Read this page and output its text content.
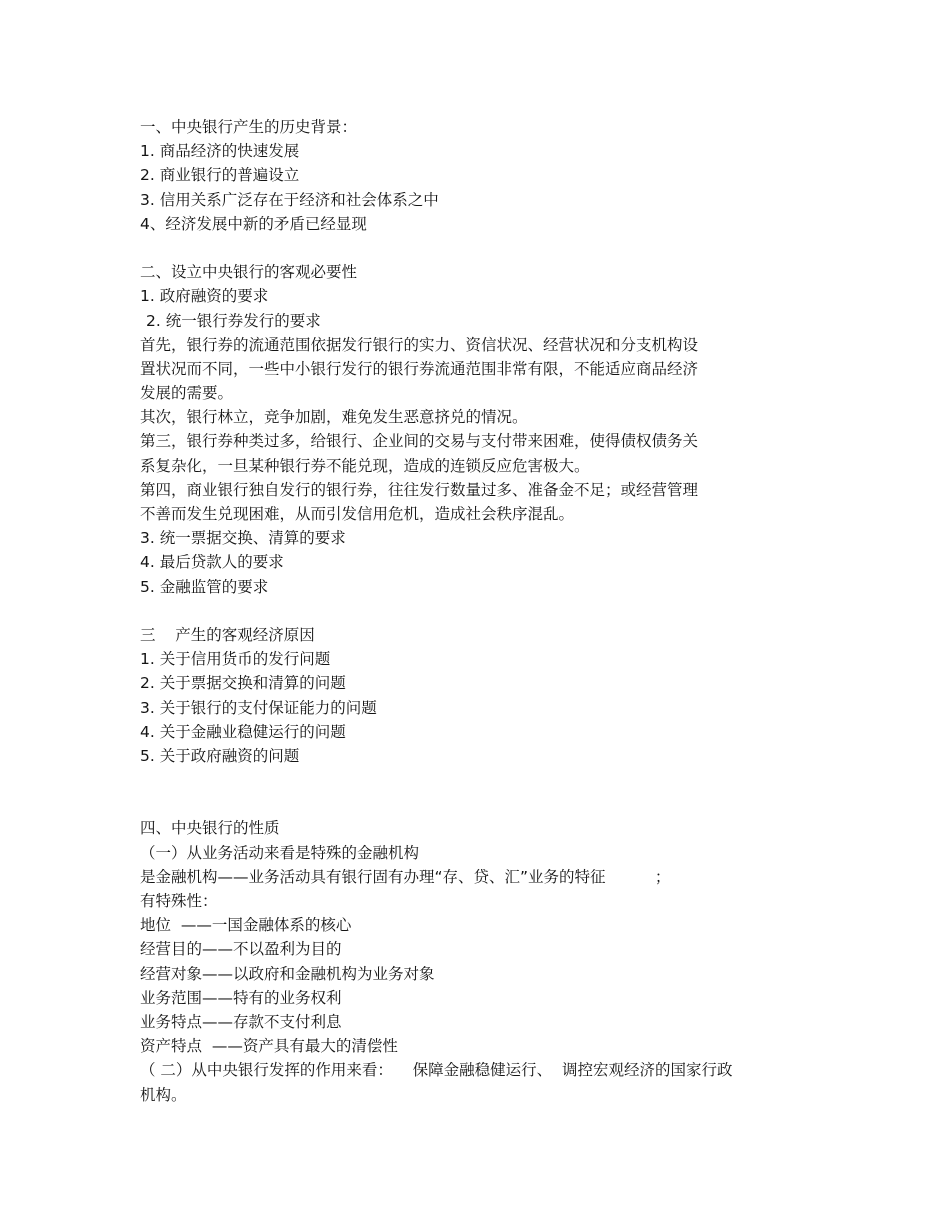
一、中央银行产生的历史背景：

1. 商品经济的快速发展

2. 商业银行的普遍设立

3. 信用关系广泛存在于经济和社会体系之中

4、经济发展中新的矛盾已经显现

二、设立中央银行的客观必要性

1. 政府融资的要求

2. 统一银行券发行的要求

首先，银行券的流通范围依据发行银行的实力、资信状况、经营状况和分支机构设

置状况而不同，一些中小银行发行的银行券流通范围非常有限，不能适应商品经济

发展的需要。

其次，银行林立，竞争加剧，难免发生恶意挤兑的情况。

第三，银行券种类过多，给银行、企业间的交易与支付带来困难，使得债权债务关

系复杂化，一旦某种银行券不能兑现，造成的连锁反应危害极大。

第四，商业银行独自发行的银行券，往往发行数量过多、准备金不足；或经营管理

不善而发生兑现困难，从而引发信用危机，造成社会秩序混乱。

3. 统一票据交换、清算的要求

4. 最后贷款人的要求

5. 金融监管的要求

三    产生的客观经济原因

1. 关于信用货币的发行问题

2. 关于票据交换和清算的问题

3. 关于银行的支付保证能力的问题

4. 关于金融业稳健运行的问题

5. 关于政府融资的问题

四、中央银行的性质

（一）从业务活动来看是特殊的金融机构

是金融机构——业务活动具有银行固有办理“存、贷、汇”业务的特征          ；

有特殊性：

地位  ——一国金融体系的核心

经营目的——不以盈利为目的

经营对象——以政府和金融机构为业务对象

业务范围——特有的业务权利

业务特点——存款不支付利息

资产特点  ——资产具有最大的清偿性

（ 二）从中央银行发挥的作用来看：    保障金融稳健运行、  调控宏观经济的国家行政

机构。
